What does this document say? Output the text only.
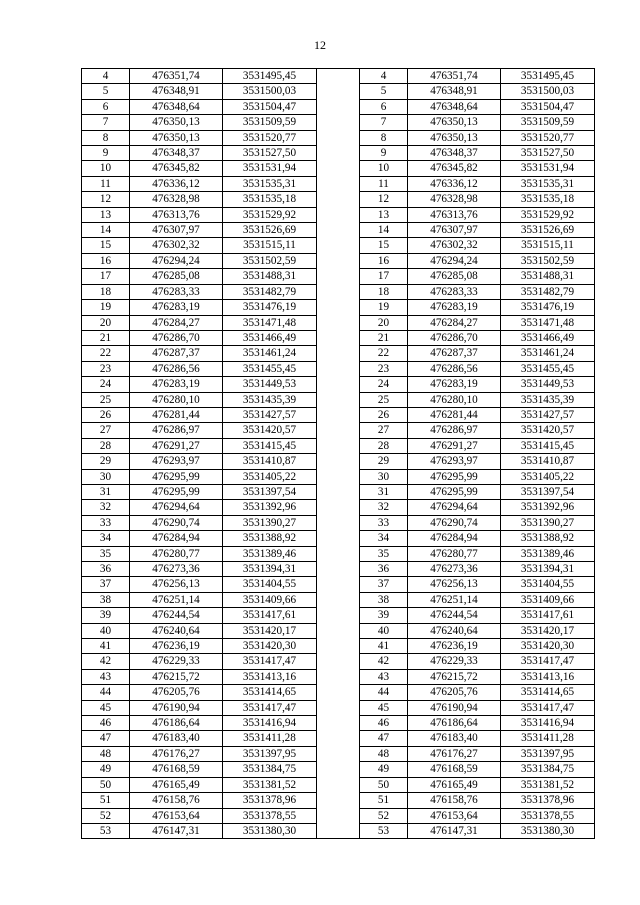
12
4	476351,74	3531495,45		4	476351,74	3531495,45
5	476348,91	3531500,03		5	476348,91	3531500,03
6	476348,64	3531504,47		6	476348,64	3531504,47
7	476350,13	3531509,59		7	476350,13	3531509,59
8	476350,13	3531520,77		8	476350,13	3531520,77
9	476348,37	3531527,50		9	476348,37	3531527,50
10	476345,82	3531531,94		10	476345,82	3531531,94
11	476336,12	3531535,31		11	476336,12	3531535,31
12	476328,98	3531535,18		12	476328,98	3531535,18
13	476313,76	3531529,92		13	476313,76	3531529,92
14	476307,97	3531526,69		14	476307,97	3531526,69
15	476302,32	3531515,11		15	476302,32	3531515,11
16	476294,24	3531502,59		16	476294,24	3531502,59
17	476285,08	3531488,31		17	476285,08	3531488,31
18	476283,33	3531482,79		18	476283,33	3531482,79
19	476283,19	3531476,19		19	476283,19	3531476,19
20	476284,27	3531471,48		20	476284,27	3531471,48
21	476286,70	3531466,49		21	476286,70	3531466,49
22	476287,37	3531461,24		22	476287,37	3531461,24
23	476286,56	3531455,45		23	476286,56	3531455,45
24	476283,19	3531449,53		24	476283,19	3531449,53
25	476280,10	3531435,39		25	476280,10	3531435,39
26	476281,44	3531427,57		26	476281,44	3531427,57
27	476286,97	3531420,57		27	476286,97	3531420,57
28	476291,27	3531415,45		28	476291,27	3531415,45
29	476293,97	3531410,87		29	476293,97	3531410,87
30	476295,99	3531405,22		30	476295,99	3531405,22
31	476295,99	3531397,54		31	476295,99	3531397,54
32	476294,64	3531392,96		32	476294,64	3531392,96
33	476290,74	3531390,27		33	476290,74	3531390,27
34	476284,94	3531388,92		34	476284,94	3531388,92
35	476280,77	3531389,46		35	476280,77	3531389,46
36	476273,36	3531394,31		36	476273,36	3531394,31
37	476256,13	3531404,55		37	476256,13	3531404,55
38	476251,14	3531409,66		38	476251,14	3531409,66
39	476244,54	3531417,61		39	476244,54	3531417,61
40	476240,64	3531420,17		40	476240,64	3531420,17
41	476236,19	3531420,30		41	476236,19	3531420,30
42	476229,33	3531417,47		42	476229,33	3531417,47
43	476215,72	3531413,16		43	476215,72	3531413,16
44	476205,76	3531414,65		44	476205,76	3531414,65
45	476190,94	3531417,47		45	476190,94	3531417,47
46	476186,64	3531416,94		46	476186,64	3531416,94
47	476183,40	3531411,28		47	476183,40	3531411,28
48	476176,27	3531397,95		48	476176,27	3531397,95
49	476168,59	3531384,75		49	476168,59	3531384,75
50	476165,49	3531381,52		50	476165,49	3531381,52
51	476158,76	3531378,96		51	476158,76	3531378,96
52	476153,64	3531378,55		52	476153,64	3531378,55
53	476147,31	3531380,30		53	476147,31	3531380,30
